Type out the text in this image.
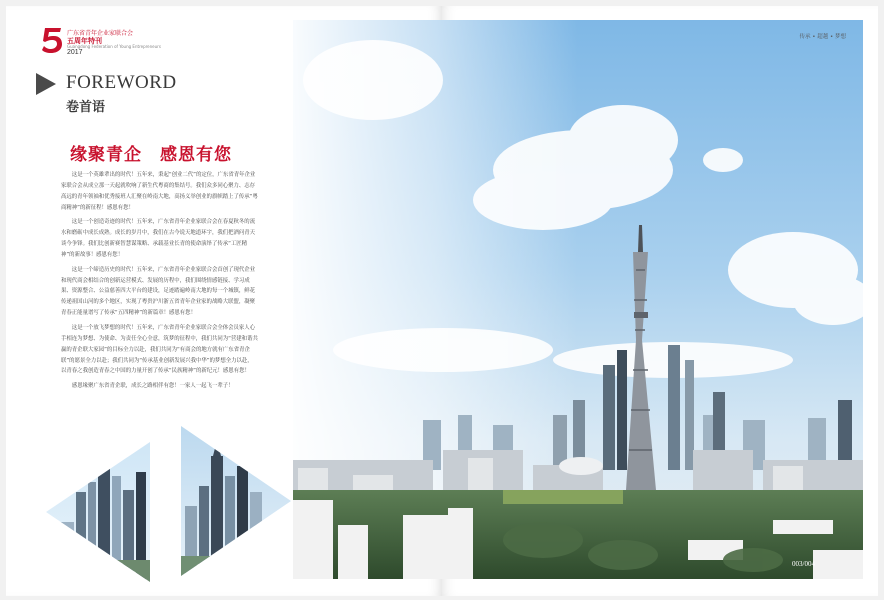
广东省青年企业家联合会
五周年特刊
Guangdong Federation of Young Entrepreneurs
2017
FOREWORD
卷首语
缘聚青企 感恩有您

这是一个英雄辈出的时代！五年来，秉起“创业二代”的定位，广东省青年企业家联合会从成立那一天起就吹响了新生代粤商的集结号。我们众多同心聚力、志存高远的青年领袖和优秀接班人汇聚在岭南大地，高扬义举创业的旗帜踏上了传承“粤商精神”的新征程！感恩有您！

这是一个创造奇迹的时代！五年来，广东省青年企业家联合会在春夏秋冬的流水和磨砺中成长成熟。成长的岁月中，我们在古今说天地道环宇，我们把酒问青天谈今争锋。我们比创新赛智慧谋策略、承载基业长青的使命演绎了传承“工匠精神”的新故事！感恩有您！

这是一个缔造历史的时代！五年来，广东省青年企业家联合会首创了现代企业和现代商会相结合的创新运营模式、发展的历程中，我们围绕情感链接、学习成果、资源整合、公益慈善四大平台的建设，足迹踏遍岭南大地的每一个城镇，鲜花传递祖国山河的多个地区，实现了粤贵沪川浙五省青年企业家的战略大联盟，凝聚青春正能量谱写了传承“五四精神”的新篇章！感恩有您！

这是一个放飞梦想的时代！五年来，广东省青年企业家联合会全体会员家人心手相连为梦想、为使命、为责任全心全意，筑梦的征程中，我们共同为“营建和谐共赢的青企联大家园”的目标全力以赴，我们共同为“有商会的地方就有广东省青企联”的愿景全力以赴；我们共同为“传承基业创新发展兴我中华”的梦想全力以赴，以青春之我创造青春之中国的力量开创了传承“民族精神”的新纪元！感恩有您！

感恩缘聚广东省青企联，成长之路相伴有您！一家人一起飞一辈子！

传承 • 超越 • 梦想
003/004
